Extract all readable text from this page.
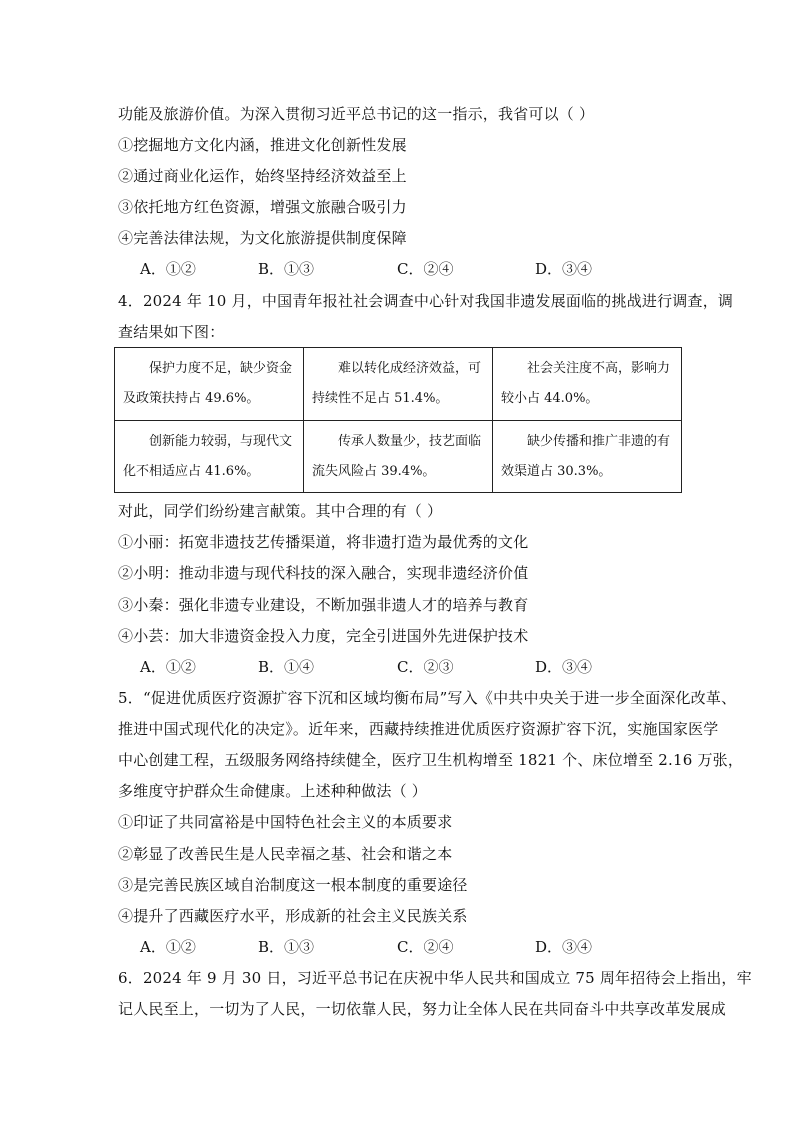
功能及旅游价值。为深入贯彻习近平总书记的这一指示，我省可以（ ）
①挖掘地方文化内涵，推进文化创新性发展
②通过商业化运作，始终坚持经济效益至上
③依托地方红色资源，增强文旅融合吸引力
④完善法律法规，为文化旅游提供制度保障
A．①②	B．①③	C．②④	D．③④
4．2024 年 10 月，中国青年报社社会调查中心针对我国非遗发展面临的挑战进行调查，调
查结果如下图：
保护力度不足，缺少资金及政策扶持占 49.6%。	难以转化成经济效益，可持续性不足占 51.4%。	社会关注度不高，影响力较小占 44.0%。
创新能力较弱，与现代文化不相适应占 41.6%。	传承人数量少，技艺面临流失风险占 39.4%。	缺少传播和推广非遗的有效渠道占 30.3%。
对此，同学们纷纷建言献策。其中合理的有（ ）
①小丽：拓宽非遗技艺传播渠道，将非遗打造为最优秀的文化
②小明：推动非遗与现代科技的深入融合，实现非遗经济价值
③小秦：强化非遗专业建设，不断加强非遗人才的培养与教育
④小芸：加大非遗资金投入力度，完全引进国外先进保护技术
A．①②	B．①④	C．②③	D．③④
5．“促进优质医疗资源扩容下沉和区域均衡布局”写入《中共中央关于进一步全面深化改革、
推进中国式现代化的决定》。近年来，西藏持续推进优质医疗资源扩容下沉，实施国家医学
中心创建工程，五级服务网络持续健全，医疗卫生机构增至 1821 个、床位增至 2.16 万张，
多维度守护群众生命健康。上述种种做法（ ）
①印证了共同富裕是中国特色社会主义的本质要求
②彰显了改善民生是人民幸福之基、社会和谐之本
③是完善民族区域自治制度这一根本制度的重要途径
④提升了西藏医疗水平，形成新的社会主义民族关系
A．①②	B．①③	C．②④	D．③④
6．2024 年 9 月 30 日，习近平总书记在庆祝中华人民共和国成立 75 周年招待会上指出，牢
记人民至上，一切为了人民，一切依靠人民，努力让全体人民在共同奋斗中共享改革发展成
